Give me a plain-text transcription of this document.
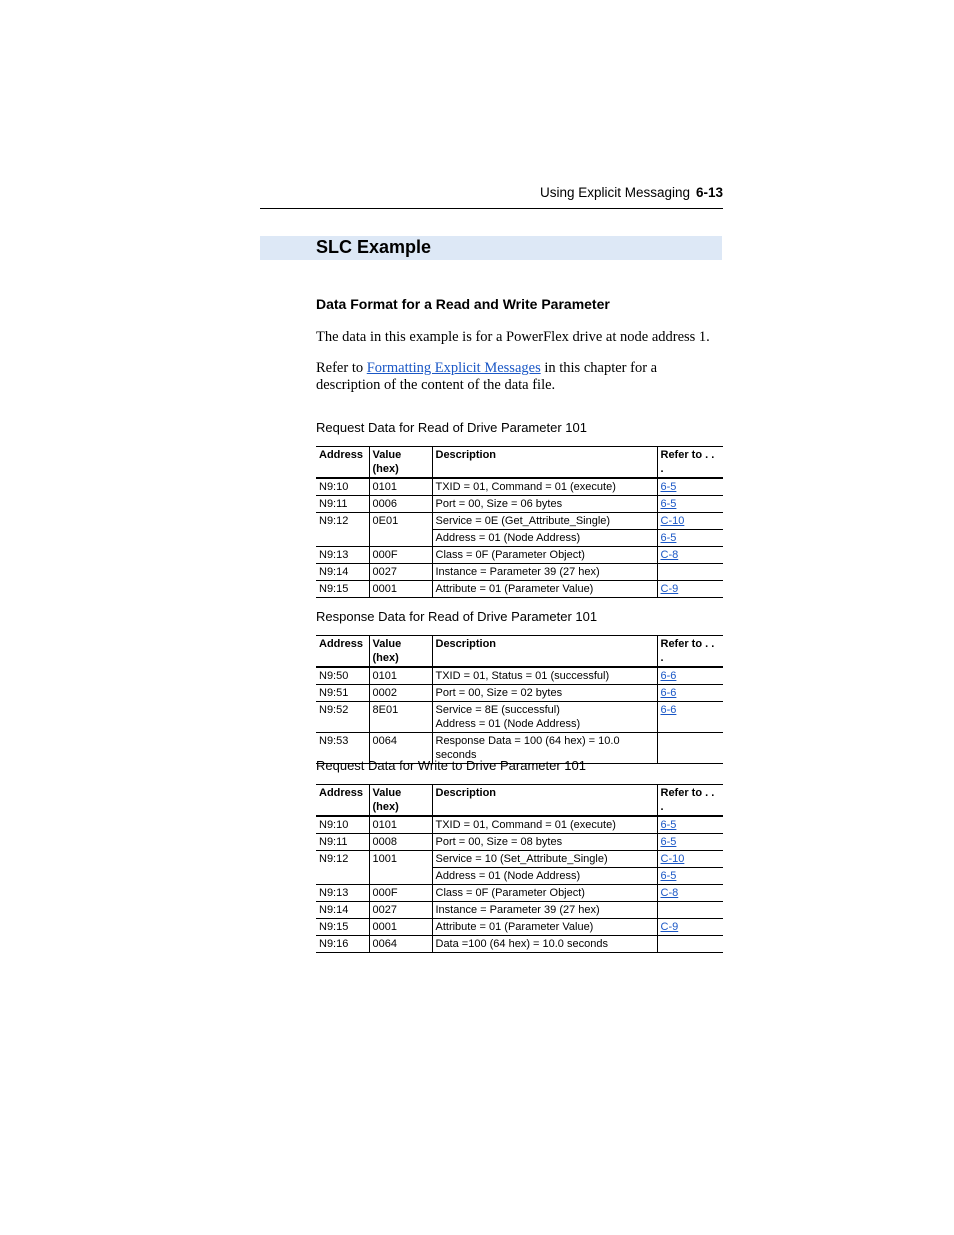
Using Explicit Messaging 6-13
SLC Example
Data Format for a Read and Write Parameter
The data in this example is for a PowerFlex drive at node address 1.
Refer to Formatting Explicit Messages in this chapter for a description of the content of the data file.
Request Data for Read of Drive Parameter 101
Address	Value (hex)	Description	Refer to . . .
N9:10	0101	TXID = 01, Command = 01 (execute)	6-5
N9:11	0006	Port = 00, Size = 06 bytes	6-5
N9:12	0E01	Service = 0E (Get_Attribute_Single)	C-10

		Address = 01 (Node Address)	6-5
N9:13	000F	Class = 0F (Parameter Object)	C-8
N9:14	0027	Instance = Parameter 39 (27 hex)	

N9:15	0001	Attribute = 01 (Parameter Value)	C-9
Response Data for Read of Drive Parameter 101
Address	Value (hex)	Description	Refer to . . .
N9:50	0101	TXID = 01, Status = 01 (successful)	6-6
N9:51	0002	Port = 00, Size = 02 bytes	6-6
N9:52	8E01	Service = 8E (successful)
Address = 01 (Node Address)	6-6
N9:53	0064	Response Data = 100 (64 hex) = 10.0 seconds	

Request Data for Write to Drive Parameter 101
Address	Value (hex)	Description	Refer to . . .
N9:10	0101	TXID = 01, Command = 01 (execute)	6-5
N9:11	0008	Port = 00, Size = 08 bytes	6-5
N9:12	1001	Service = 10 (Set_Attribute_Single)	C-10

		Address = 01 (Node Address)	6-5
N9:13	000F	Class = 0F (Parameter Object)	C-8
N9:14	0027	Instance = Parameter 39 (27 hex)	

N9:15	0001	Attribute = 01 (Parameter Value)	C-9
N9:16	0064	Data =100 (64 hex) = 10.0 seconds	
